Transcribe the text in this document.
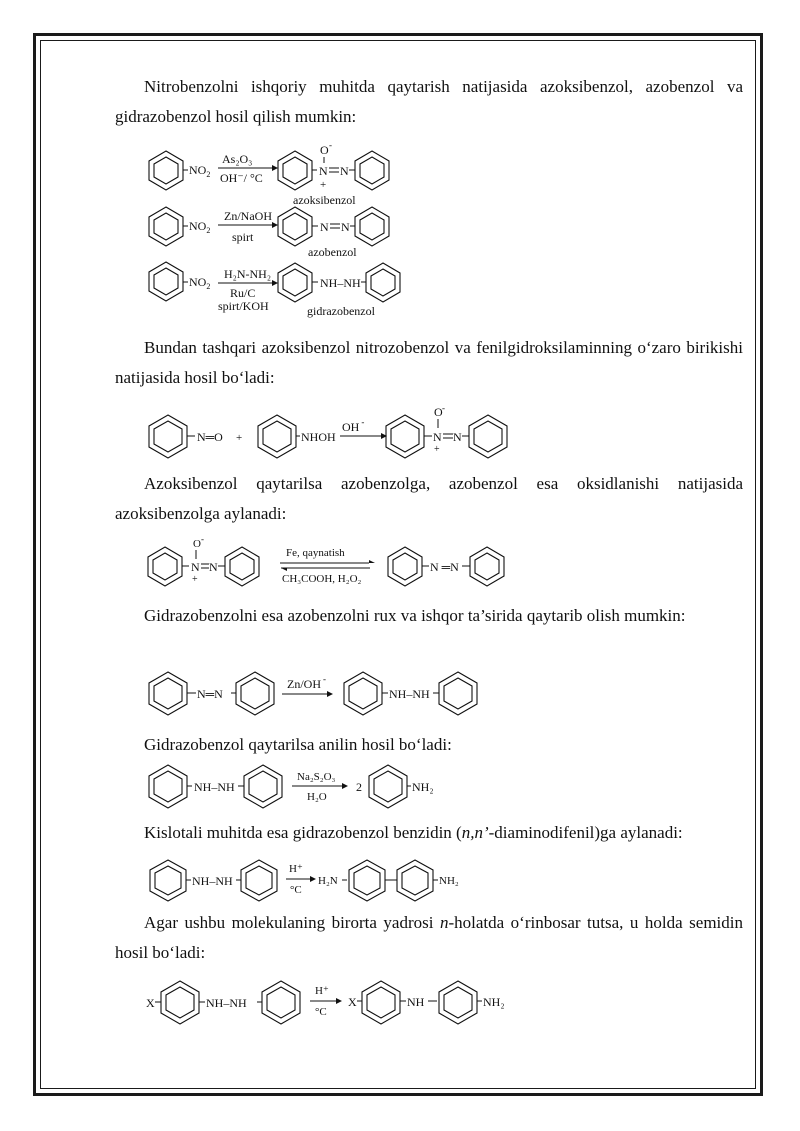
Nitrobenzolni ishqoriy muhitda qaytarish natijasida azoksibenzol, azobenzol va gidrazobenzol hosil qilish mumkin:

$NO_2$
As₂O₃
OH⁻/ °C
O -
N
+
N
azoksibenzol
$NO_2$
Zn/NaOH
spirt
N N
azobenzol
$NO_2$
H₂N-NH₂
Ru/C
spirt/KOH
NH–NH
gidrazobenzol

Bundan tashqari azoksibenzol nitrozobenzol va fenilgidroksilaminning o‘zaro birikishi natijasida hosil bo‘ladi:

N═O +	NHOH
OH -
O -
N
+
N

Azoksibenzol qaytarilsa azobenzolga, azobenzol esa oksidlanishi natijasida azoksibenzolga aylanadi:

O -
N
+
N
Fe, qaynatish
CH₃COOH, H₂O₂
N ═N

Gidrazobenzolni esa azobenzolni rux va ishqor ta’sirida qaytarib olish mumkin:

N═N
Zn/OH -
NH–NH

Gidrazobenzol qaytarilsa anilin hosil bo‘ladi:

NH–NH
Na₂S₂O₃
H₂O
2	NH₂

Kislotali muhitda esa gidrazobenzol benzidin (n,n’-diaminodifenil)ga aylanadi:

NH–NH
H⁺
°C
H₂N	NH₂

Agar ushbu molekulaning birorta yadrosi n-holatda o‘rinbosar tutsa, u holda semidin hosil bo‘ladi:

X	NH–NH
H⁺
°C
X	NH	NH₂
